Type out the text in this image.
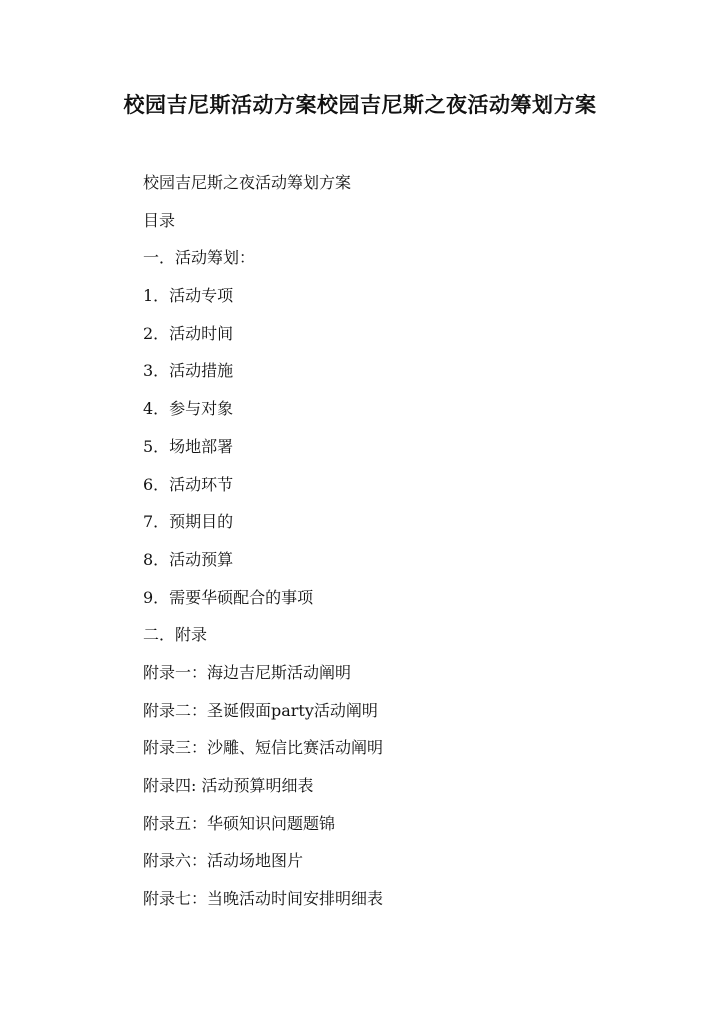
校园吉尼斯活动方案校园吉尼斯之夜活动筹划方案
校园吉尼斯之夜活动筹划方案
目录
一．活动筹划：
1．活动专项
2．活动时间
3．活动措施
4．参与对象
5．场地部署
6．活动环节
7．预期目的
8．活动预算
9．需要华硕配合的事项
二．附录
附录一：海边吉尼斯活动阐明
附录二：圣诞假面party活动阐明
附录三：沙雕、短信比赛活动阐明
附录四: 活动预算明细表
附录五：华硕知识问题题锦
附录六：活动场地图片
附录七：当晚活动时间安排明细表
